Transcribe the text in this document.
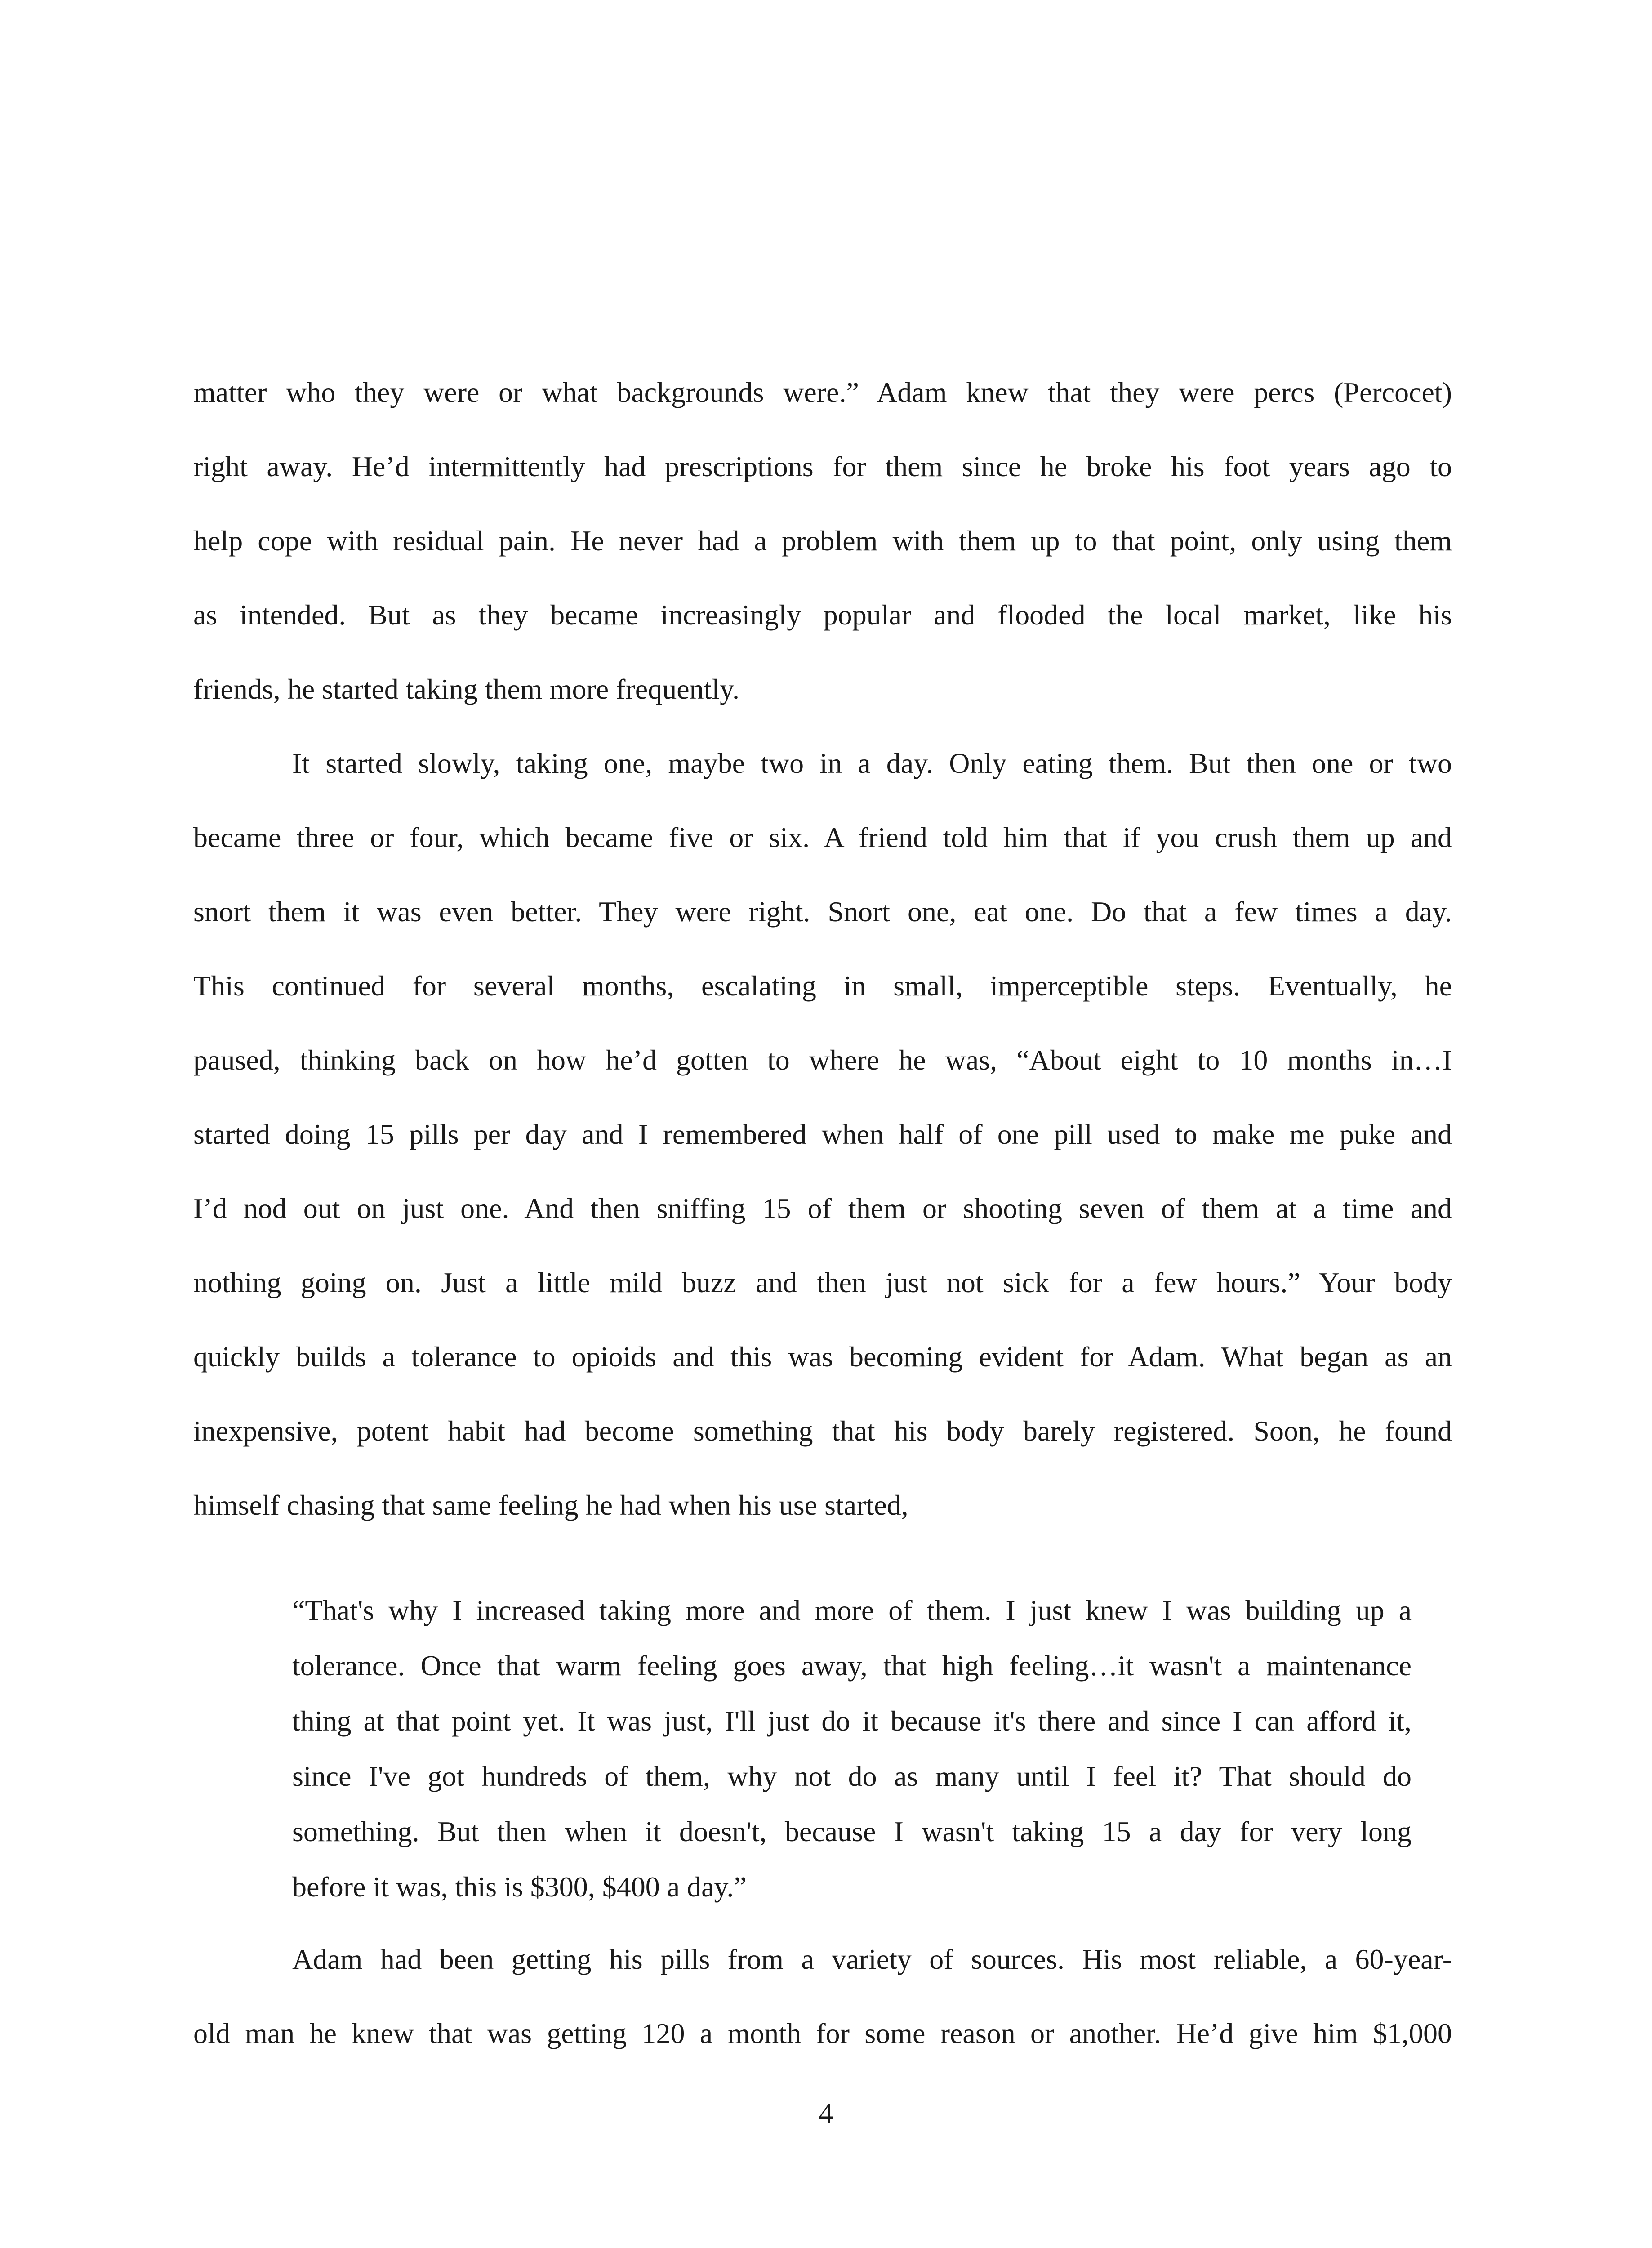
matter who they were or what backgrounds were.” Adam knew that they were percs (Percocet)
right away. He’d intermittently had prescriptions for them since he broke his foot years ago to
help cope with residual pain. He never had a problem with them up to that point, only using them
as intended. But as they became increasingly popular and flooded the local market, like his
friends, he started taking them more frequently.
It started slowly, taking one, maybe two in a day. Only eating them. But then one or two
became three or four, which became five or six. A friend told him that if you crush them up and
snort them it was even better. They were right. Snort one, eat one. Do that a few times a day.
This continued for several months, escalating in small, imperceptible steps. Eventually, he
paused, thinking back on how he’d gotten to where he was, “About eight to 10 months in…I
started doing 15 pills per day and I remembered when half of one pill used to make me puke and
I’d nod out on just one. And then sniffing 15 of them or shooting seven of them at a time and
nothing going on. Just a little mild buzz and then just not sick for a few hours.” Your body
quickly builds a tolerance to opioids and this was becoming evident for Adam. What began as an
inexpensive, potent habit had become something that his body barely registered. Soon, he found
himself chasing that same feeling he had when his use started,
“That's why I increased taking more and more of them. I just knew I was building up a
tolerance. Once that warm feeling goes away, that high feeling…it wasn't a maintenance
thing at that point yet. It was just, I'll just do it because it's there and since I can afford it,
since I've got hundreds of them, why not do as many until I feel it? That should do
something. But then when it doesn't, because I wasn't taking 15 a day for very long
before it was, this is $300, $400 a day.”
Adam had been getting his pills from a variety of sources. His most reliable, a 60-year-
old man he knew that was getting 120 a month for some reason or another. He’d give him $1,000
4
